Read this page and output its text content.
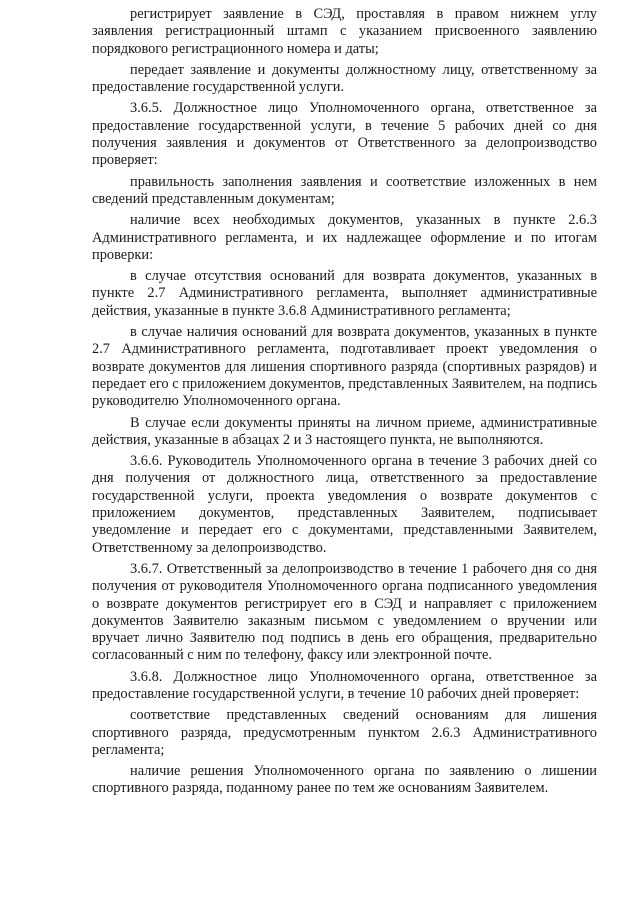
регистрирует заявление в СЭД, проставляя в правом нижнем углу заявления регистрационный штамп с указанием присвоенного заявлению порядкового регистрационного номера и даты;

передает заявление и документы должностному лицу, ответственному за предоставление государственной услуги.

3.6.5. Должностное лицо Уполномоченного органа, ответственное за предоставление государственной услуги, в течение 5 рабочих дней со дня получения заявления и документов от Ответственного за делопроизводство проверяет:

правильность заполнения заявления и соответствие изложенных в нем сведений представленным документам;

наличие всех необходимых документов, указанных в пункте 2.6.3 Административного регламента, и их надлежащее оформление и по итогам проверки:

в случае отсутствия оснований для возврата документов, указанных в пункте 2.7 Административного регламента, выполняет административные действия, указанные в пункте 3.6.8 Административного регламента;

в случае наличия оснований для возврата документов, указанных в пункте 2.7 Административного регламента, подготавливает проект уведомления о возврате документов для лишения спортивного разряда (спортивных разрядов) и передает его с приложением документов, представленных Заявителем, на подпись руководителю Уполномоченного органа.

В случае если документы приняты на личном приеме, административные действия, указанные в абзацах 2 и 3 настоящего пункта, не выполняются.

3.6.6. Руководитель Уполномоченного органа в течение 3 рабочих дней со дня получения от должностного лица, ответственного за предоставление государственной услуги, проекта уведомления о возврате документов с приложением документов, представленных Заявителем, подписывает уведомление и передает его с документами, представленными Заявителем, Ответственному за делопроизводство.

3.6.7. Ответственный за делопроизводство в течение 1 рабочего дня со дня получения от руководителя Уполномоченного органа подписанного уведомления о возврате документов регистрирует его в СЭД и направляет с приложением документов Заявителю заказным письмом с уведомлением о вручении или вручает лично Заявителю под подпись в день его обращения, предварительно согласованный с ним по телефону, факсу или электронной почте.

3.6.8. Должностное лицо Уполномоченного органа, ответственное за предоставление государственной услуги, в течение 10 рабочих дней проверяет:

соответствие представленных сведений основаниям для лишения спортивного разряда, предусмотренным пунктом 2.6.3 Административного регламента;

наличие решения Уполномоченного органа по заявлению о лишении спортивного разряда, поданному ранее по тем же основаниям Заявителем.
